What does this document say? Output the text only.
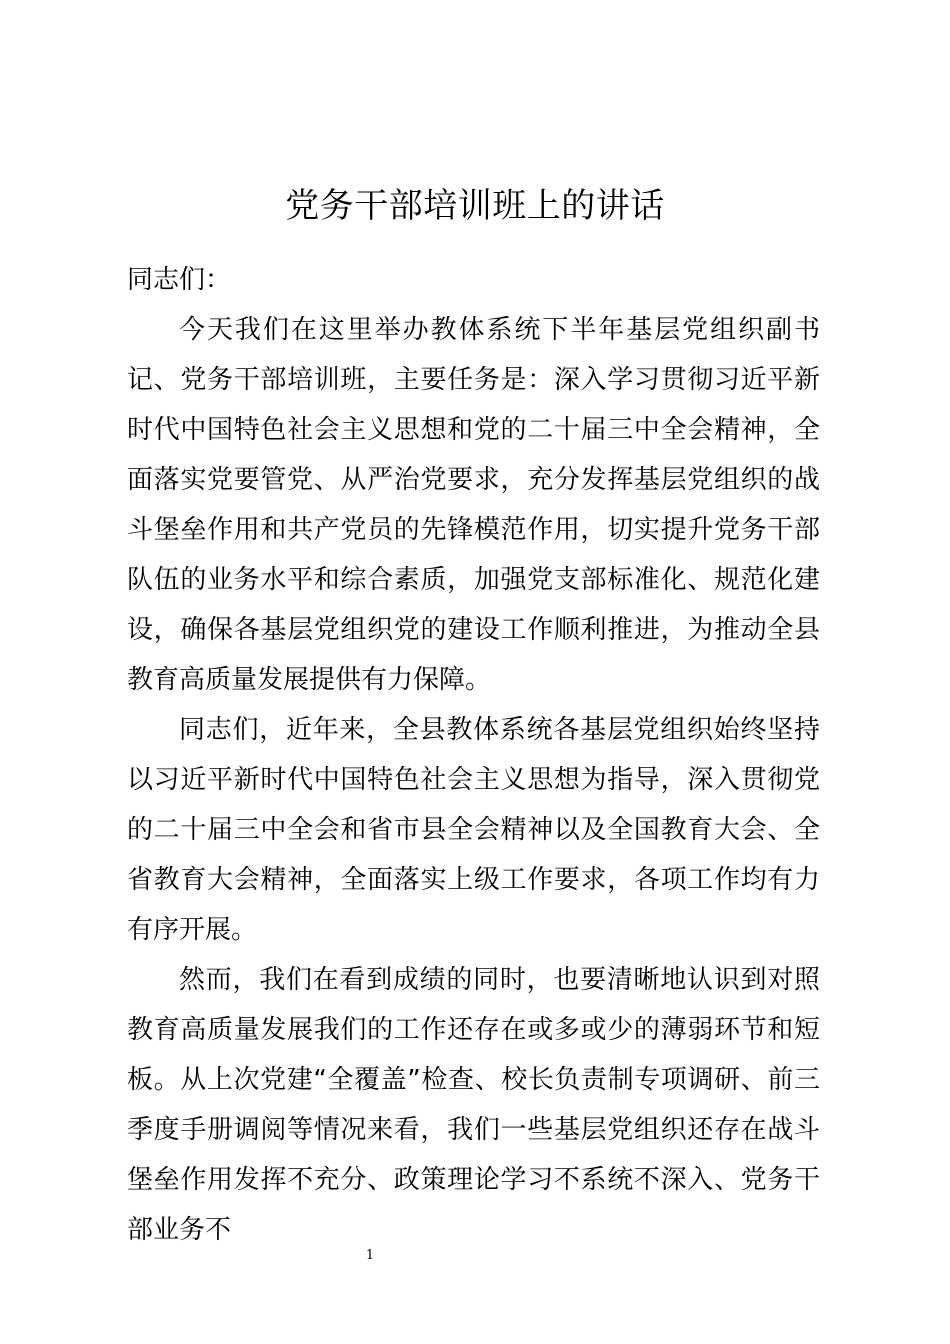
党务干部培训班上的讲话

同志们：

今天我们在这里举办教体系统下半年基层党组织副书记、党务干部培训班，主要任务是：深入学习贯彻习近平新时代中国特色社会主义思想和党的二十届三中全会精神，全面落实党要管党、从严治党要求，充分发挥基层党组织的战斗堡垒作用和共产党员的先锋模范作用，切实提升党务干部队伍的业务水平和综合素质，加强党支部标准化、规范化建设，确保各基层党组织党的建设工作顺利推进，为推动全县教育高质量发展提供有力保障。

同志们，近年来，全县教体系统各基层党组织始终坚持以习近平新时代中国特色社会主义思想为指导，深入贯彻党的二十届三中全会和省市县全会精神以及全国教育大会、全省教育大会精神，全面落实上级工作要求，各项工作均有力有序开展。

然而，我们在看到成绩的同时，也要清晰地认识到对照教育高质量发展我们的工作还存在或多或少的薄弱环节和短板。从上次党建“全覆盖”检查、校长负责制专项调研、前三季度手册调阅等情况来看，我们一些基层党组织还存在战斗堡垒作用发挥不充分、政策理论学习不系统不深入、党务干部业务不

1
